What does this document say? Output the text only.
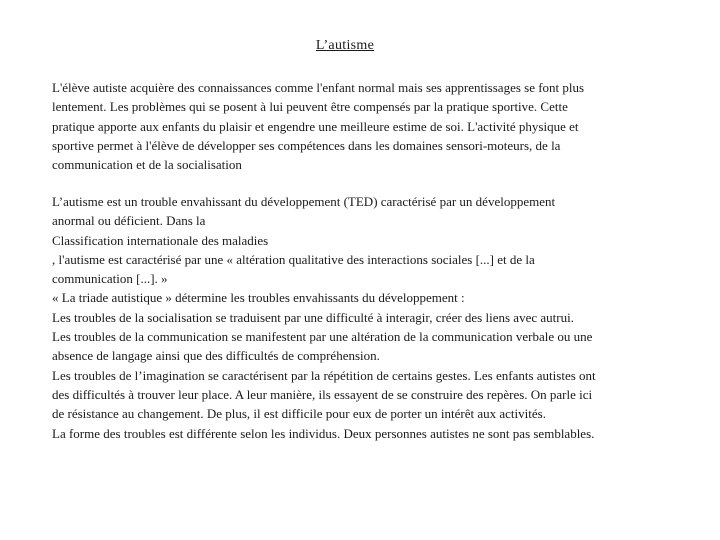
L’autisme
L'élève autiste acquière des connaissances comme l'enfant normal mais ses apprentissages se font plus
lentement. Les problèmes qui se posent à lui peuvent être compensés par la pratique sportive. Cette
pratique apporte aux enfants du plaisir et engendre une meilleure estime de soi. L'activité physique et
sportive permet à l'élève de développer ses compétences dans les domaines sensori-moteurs, de la
communication et de la socialisation
L’autisme est un trouble envahissant du développement (TED) caractérisé par un développement
anormal ou déficient. Dans la
Classification internationale des maladies
, l'autisme est caractérisé par une « altération qualitative des interactions sociales [...] et de la
communication [...]. »
« La triade autistique » détermine les troubles envahissants du développement :
Les troubles de la socialisation se traduisent par une difficulté à interagir, créer des liens avec autrui.
Les troubles de la communication se manifestent par une altération de la communication verbale ou une
absence de langage ainsi que des difficultés de compréhension.
Les troubles de l’imagination se caractérisent par la répétition de certains gestes. Les enfants autistes ont
des difficultés à trouver leur place. A leur manière, ils essayent de se construire des repères. On parle ici
de résistance au changement. De plus, il est difficile pour eux de porter un intérêt aux activités.
La forme des troubles est différente selon les individus. Deux personnes autistes ne sont pas semblables.
